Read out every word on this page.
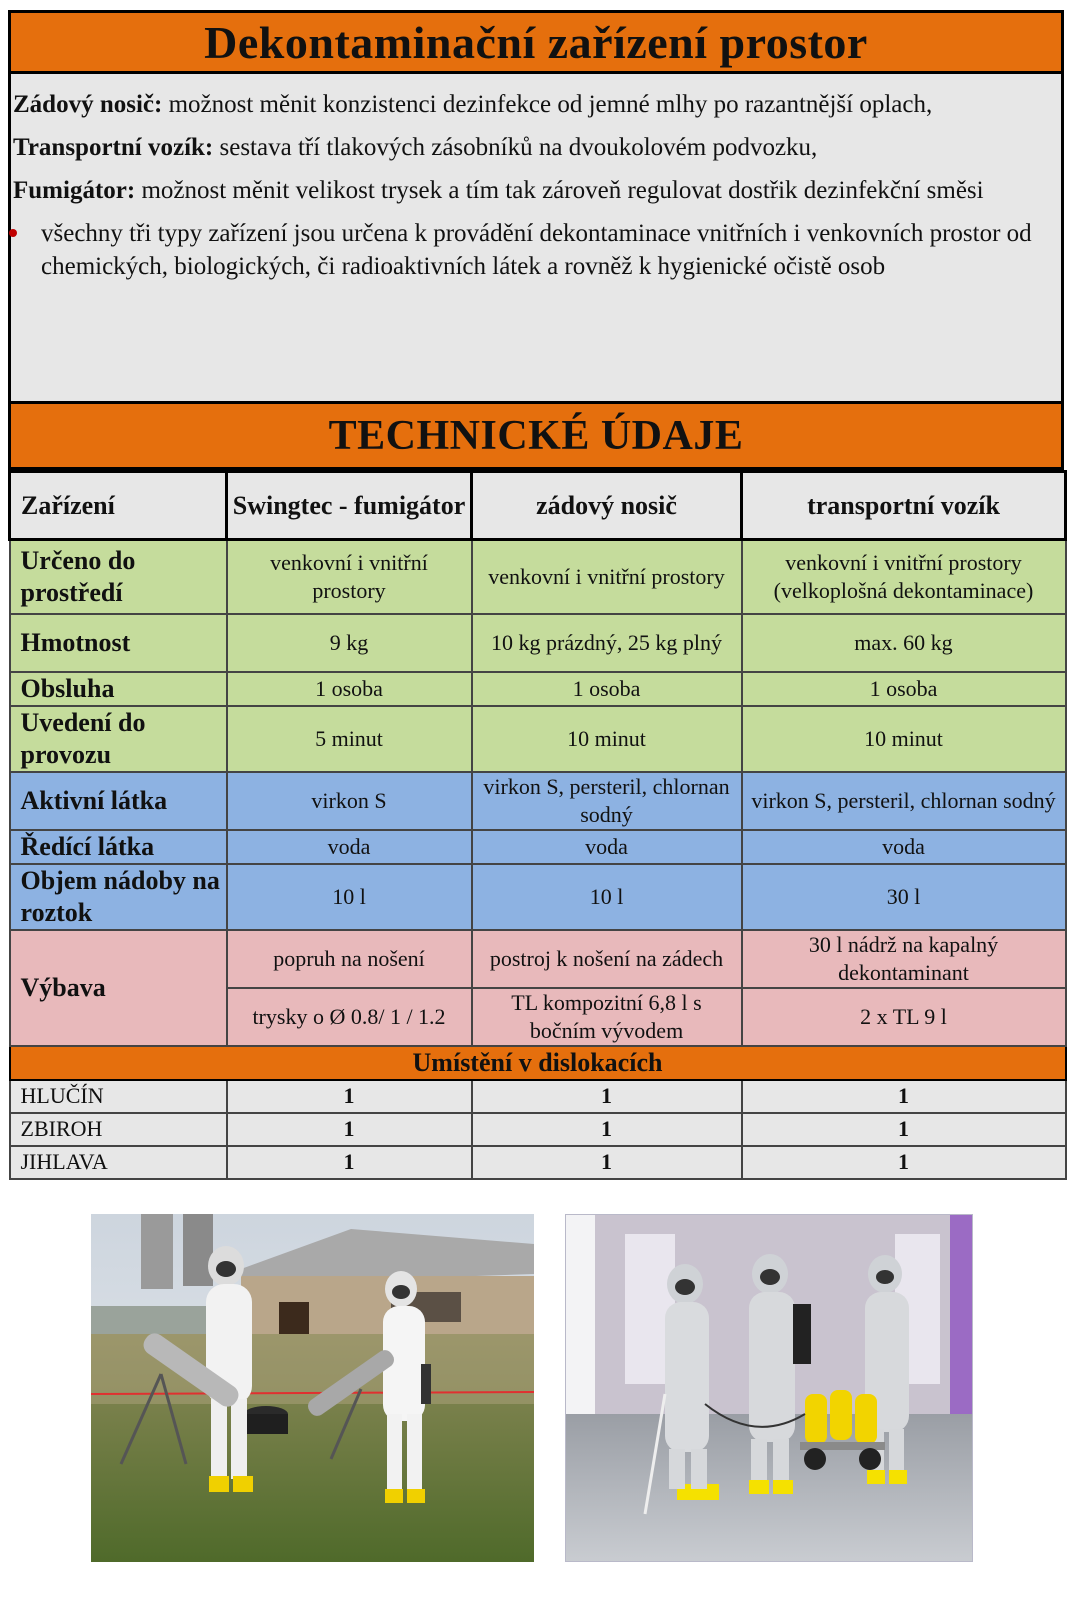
Dekontaminační zařízení prostor

Zádový nosič: možnost měnit konzistenci dezinfekce od jemné mlhy po razantnější oplach,

Transportní vozík: sestava tří tlakových zásobníků na dvoukolovém podvozku,

Fumigátor: možnost měnit velikost trysek a tím tak zároveň regulovat dostřik dezinfekční směsi

všechny tři typy zařízení jsou určena k provádění dekontaminace vnitřních i venkovních prostor od chemických, biologických, či radioaktivních látek a rovněž k hygienické očistě osob

TECHNICKÉ ÚDAJE
Zařízení	Swingtec - fumigátor	zádový nosič	transportní vozík
Určeno do prostředí	venkovní i vnitřní prostory	venkovní i vnitřní prostory	venkovní i vnitřní prostory (velkoplošná dekontaminace)
Hmotnost	9 kg	10 kg prázdný, 25 kg plný	max. 60 kg
Obsluha	1 osoba	1 osoba	1 osoba
Uvedení do provozu	5 minut	10 minut	10 minut
Aktivní látka	virkon S	virkon S, persteril, chlornan sodný	virkon S, persteril, chlornan sodný
Ředící látka	voda	voda	voda
Objem nádoby na roztok	10 l	10 l	30 l
Výbava	popruh na nošení	postroj k nošení na zádech	30 l nádrž na kapalný dekontaminant
	trysky o Ø 0.8/ 1 / 1.2	TL kompozitní 6,8 l s bočním vývodem	2 x TL 9 l
Umístění v dislokacích			
HLUČÍN	1	1	1
ZBIROH	1	1	1
JIHLAVA	1	1	1
